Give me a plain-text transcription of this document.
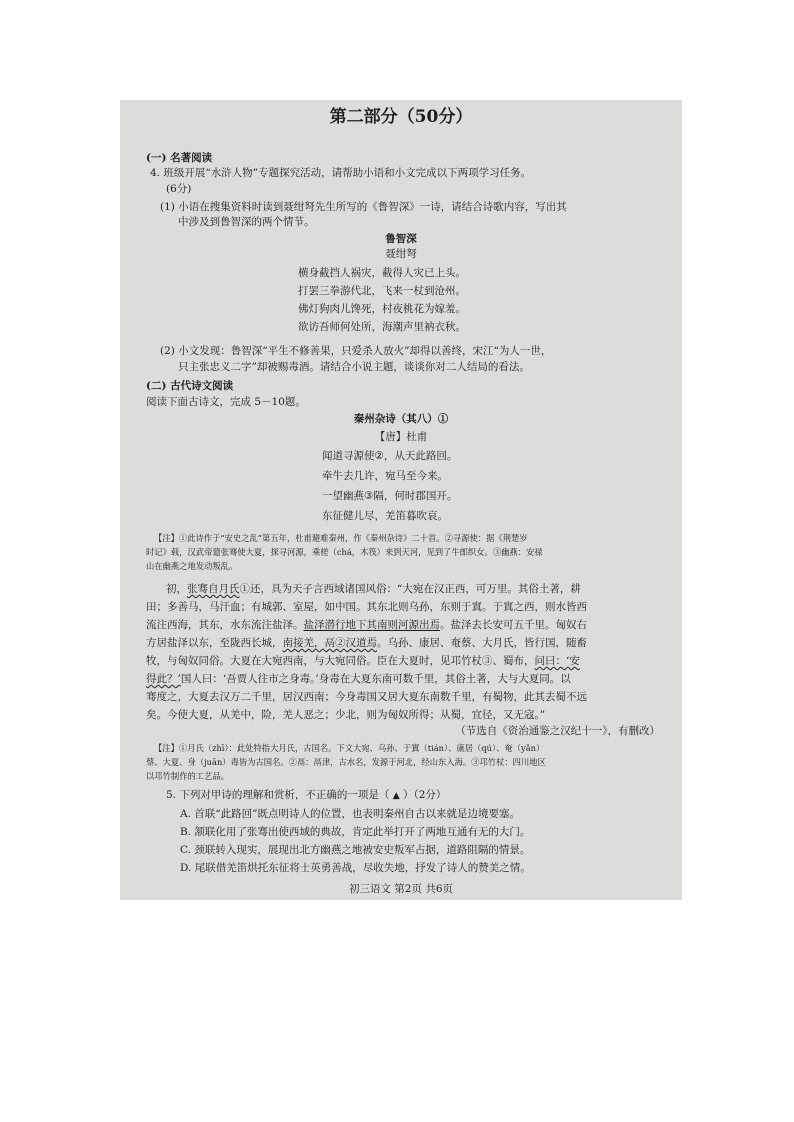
第二部分（50分）
(一) 名著阅读
4. 班级开展“水浒人物”专题探究活动，请帮助小语和小文完成以下两项学习任务。
(6分)
(1) 小语在搜集资料时读到聂绀弩先生所写的《鲁智深》一诗，请结合诗歌内容，写出其
中涉及到鲁智深的两个情节。
鲁智深
聂绀弩
横身截挡人祸灾，截得人灾已上头。
打罢三拳游代北，飞来一杖到沧州。
佛灯狗肉儿馋死，村夜桃花为嫁羞。
欲访吾师何处所，海潮声里衲衣秋。
(2) 小文发现：鲁智深“平生不修善果，只爱杀人放火”却得以善终，宋江“为人一世，
只主张忠义二字”却被赐毒酒。请结合小说主题，谈谈你对二人结局的看法。
(二) 古代诗文阅读
阅读下面古诗文，完成 5－10题。
秦州杂诗（其八）①
【唐】杜甫
闻道寻源使②，从天此路回。
牵牛去几许，宛马至今来。
一望幽燕③隔，何时郡国开。
东征健儿尽，羌笛暮吹哀。
【注】①此诗作于“安史之乱”第五年，杜甫避难秦州，作《秦州杂诗》二十首。②寻源使：据《荆楚岁
时记》载，汉武帝遣张骞使大夏，探寻河源，乘槎（chá，木筏）来到天河，见到了牛郎织女。③幽燕：安禄
山在幽燕之地发动叛乱。
初，张骞自月氏①还，具为天子言西域诸国风俗：“大宛在汉正西，可万里。其俗土著，耕
田；多善马，马汗血；有城郭、室屋，如中国。其东北则乌孙，东则于窴。于窴之西，则水皆西
流注西海，其东，水东流注盐泽。盐泽潜行地下其南则河源出焉。盐泽去长安可五千里。匈奴右
方居盐泽以东，至陇西长城，南接羌，鬲②汉道焉。乌孙、康居、奄蔡、大月氏，皆行国，随畜
牧，与匈奴同俗。大夏在大宛西南，与大宛同俗。臣在大夏时，见邛竹杖③、蜀布，问曰：‘安
得此？’国人曰：‘吾贾人往市之身毒。’身毒在大夏东南可数千里，其俗土著，大与大夏同。以
骞度之，大夏去汉万二千里，居汉西南；今身毒国又居大夏东南数千里，有蜀物，此其去蜀不远
矣。今使大夏，从羌中，险，羌人恶之；少北，则为匈奴所得；从蜀，宜径，又无寇。”
（节选自《资治通鉴之汉纪十一》，有删改）
【注】①月氏（zhī）：此处特指大月氏，古国名。下文大宛、乌孙、于窴（tián）、康居（qú）、奄（yǎn）
蔡、大夏、身（juān）毒皆为古国名。②鬲：鬲津，古水名，发源于河北，经山东入海。③邛竹杖：四川地区
以邛竹制作的工艺品。
5. 下列对甲诗的理解和赏析，不正确的一项是（ ▲ ）（2分）
A. 首联“此路回”既点明诗人的位置，也表明秦州自古以来就是边境要塞。
B. 颔联化用了张骞出使西域的典故，肯定此举打开了两地互通有无的大门。
C. 颈联转入现实，展现出北方幽燕之地被安史叛军占据，道路阻隔的情景。
D. 尾联借羌笛烘托东征将士英勇善战，尽收失地，抒发了诗人的赞美之情。
初三语文 第2页 共6页
